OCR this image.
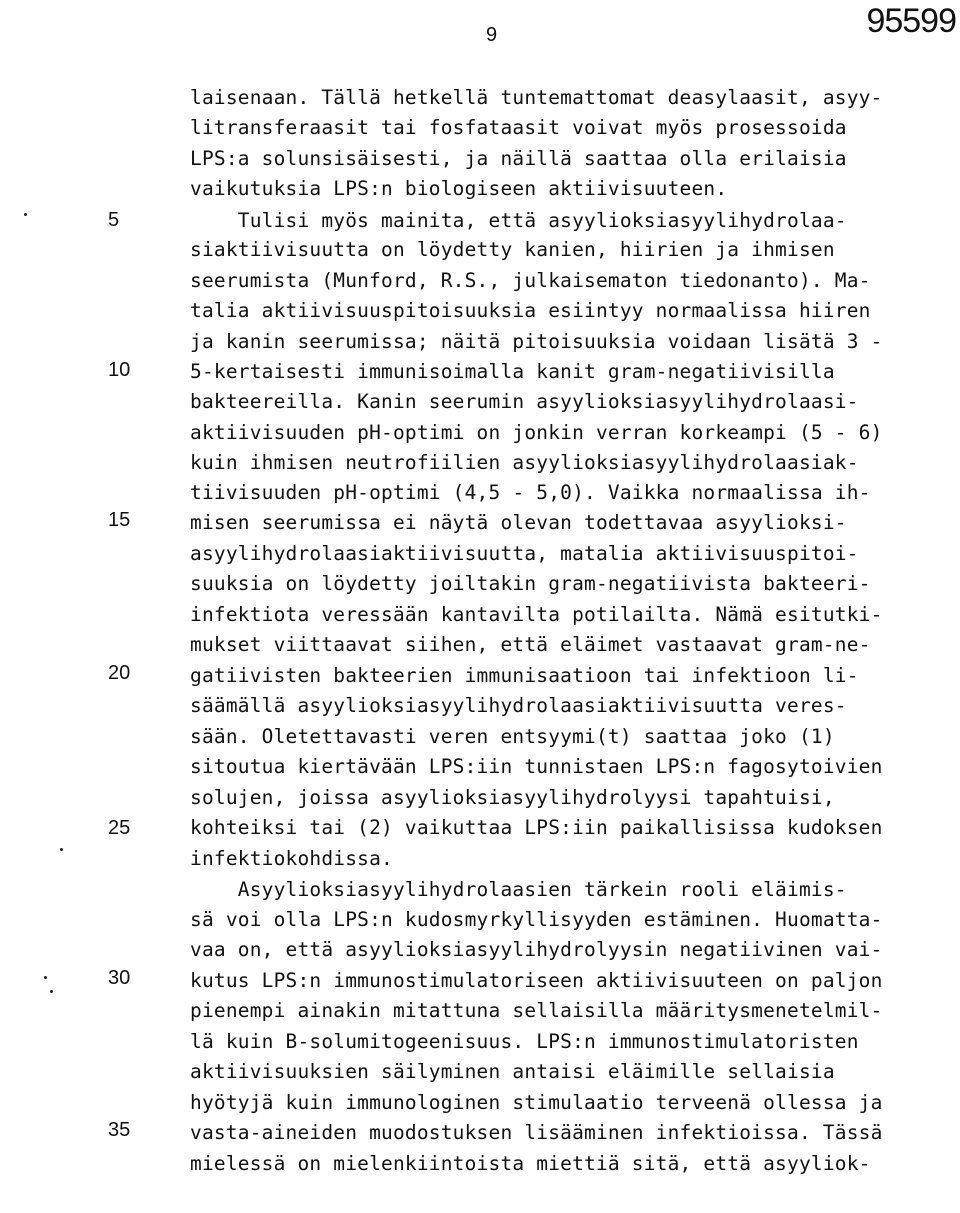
9	95599
5
10
15
20
25
30
35
laisenaan. Tällä hetkellä tuntemattomat deasylaasit, asyy-
litransferaasit tai fosfataasit voivat myös prosessoida
LPS:a solunsisäisesti, ja näillä saattaa olla erilaisia
vaikutuksia LPS:n biologiseen aktiivisuuteen.
Tulisi myös mainita, että asyylioksiasyylihydrolaa-
siaktiivisuutta on löydetty kanien, hiirien ja ihmisen
seerumista (Munford, R.S., julkaisematon tiedonanto). Ma-
talia aktiivisuuspitoisuuksia esiintyy normaalissa hiiren
ja kanin seerumissa; näitä pitoisuuksia voidaan lisätä 3 -
5-kertaisesti immunisoimalla kanit gram-negatiivisilla
bakteereilla. Kanin seerumin asyylioksiasyylihydrolaasi-
aktiivisuuden pH-optimi on jonkin verran korkeampi (5 - 6)
kuin ihmisen neutrofiilien asyylioksiasyylihydrolaasiak-
tiivisuuden pH-optimi (4,5 - 5,0). Vaikka normaalissa ih-
misen seerumissa ei näytä olevan todettavaa asyylioksi-
asyylihydrolaasiaktiivisuutta, matalia aktiivisuuspitoi-
suuksia on löydetty joiltakin gram-negatiivista bakteeri-
infektiota veressään kantavilta potilailta. Nämä esitutki-
mukset viittaavat siihen, että eläimet vastaavat gram-ne-
gatiivisten bakteerien immunisaatioon tai infektioon li-
säämällä asyylioksiasyylihydrolaasiaktiivisuutta veres-
sään. Oletettavasti veren entsyymi(t) saattaa joko (1)
sitoutua kiertävään LPS:iin tunnistaen LPS:n fagosytoivien
solujen, joissa asyylioksiasyylihydrolyysi tapahtuisi,
kohteiksi tai (2) vaikuttaa LPS:iin paikallisissa kudoksen
infektiokohdissa.
Asyylioksiasyylihydrolaasien tärkein rooli eläimis-
sä voi olla LPS:n kudosmyrkyllisyyden estäminen. Huomatta-
vaa on, että asyylioksiasyylihydrolyysin negatiivinen vai-
kutus LPS:n immunostimulatoriseen aktiivisuuteen on paljon
pienempi ainakin mitattuna sellaisilla määritysmenetelmil-
lä kuin B-solumitogeenisuus. LPS:n immunostimulatoristen
aktiivisuuksien säilyminen antaisi eläimille sellaisia
hyötyjä kuin immunologinen stimulaatio terveenä ollessa ja
vasta-aineiden muodostuksen lisääminen infektioissa. Tässä
mielessä on mielenkiintoista miettiä sitä, että asyyliok-
